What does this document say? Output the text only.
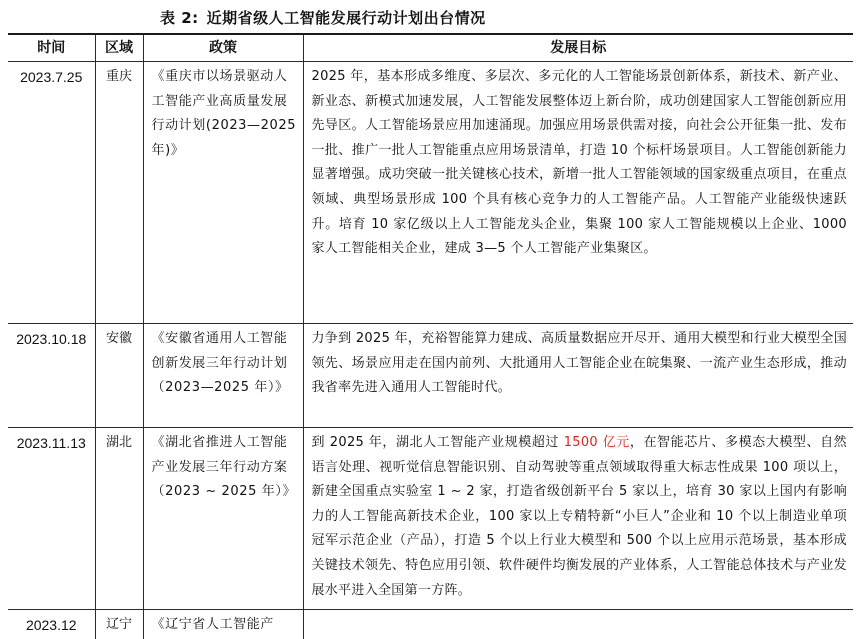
表 2: 近期省级人工智能发展行动计划出台情况
时间	区域	政策	发展目标
2023.7.25	重庆	《重庆市以场景驱动人工智能产业高质量发展行动计划(2023—2025 年)》	2025 年，基本形成多维度、多层次、多元化的人工智能场景创新体系，新技术、新产业、新业态、新模式加速发展，人工智能发展整体迈上新台阶，成功创建国家人工智能创新应用先导区。人工智能场景应用加速涌现。加强应用场景供需对接，向社会公开征集一批、发布一批、推广一批人工智能重点应用场景清单，打造 10 个标杆场景项目。人工智能创新能力显著增强。成功突破一批关键核心技术，新增一批人工智能领域的国家级重点项目，在重点领域、典型场景形成 100 个具有核心竞争力的人工智能产品。人工智能产业能级快速跃升。培育 10 家亿级以上人工智能龙头企业，集聚 100 家人工智能规模以上企业、1000 家人工智能相关企业，建成 3—5 个人工智能产业集聚区。
2023.10.18	安徽	《安徽省通用人工智能创新发展三年行动计划（2023—2025 年）》	力争到 2025 年，充裕智能算力建成、高质量数据应开尽开、通用大模型和行业大模型全国领先、场景应用走在国内前列、大批通用人工智能企业在皖集聚、一流产业生态形成，推动我省率先进入通用人工智能时代。
2023.11.13	湖北	《湖北省推进人工智能产业发展三年行动方案（2023 ~ 2025 年）》	到 2025 年，湖北人工智能产业规模超过 1500 亿元，在智能芯片、多模态大模型、自然语言处理、视听觉信息智能识别、自动驾驶等重点领域取得重大标志性成果 100 项以上，新建全国重点实验室 1 ~ 2 家，打造省级创新平台 5 家以上，培育 30 家以上国内有影响力的人工智能高新技术企业，100 家以上专精特新“小巨人”企业和 10 个以上制造业单项冠军示范企业（产品），打造 5 个以上行业大模型和 500 个以上应用示范场景，基本形成关键技术领先、特色应用引领、软件硬件均衡发展的产业体系，人工智能总体技术与产业发展水平进入全国第一方阵。
2023.12	辽宁	《辽宁省人工智能产	
